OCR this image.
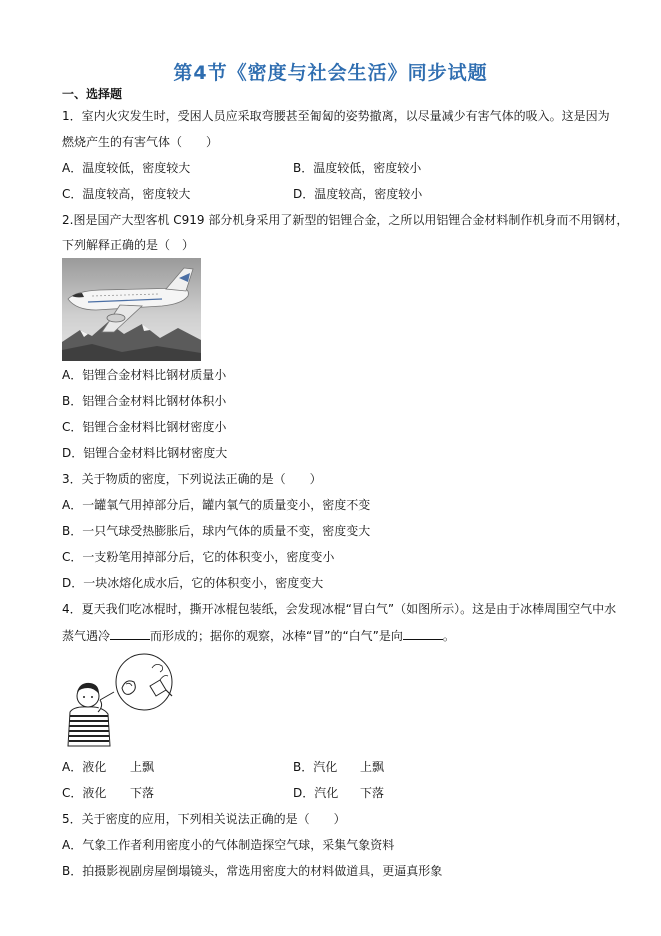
第4节《密度与社会生活》同步试题
一、选择题
1．室内火灾发生时，受困人员应采取弯腰甚至匍匐的姿势撤离，以尽量减少有害气体的吸入。这是因为
燃烧产生的有害气体（　　）
A．温度较低，密度较大	B．温度较低，密度较小
C．温度较高，密度较大	D．温度较高，密度较小
2.图是国产大型客机 C919 部分机身采用了新型的铝锂合金，之所以用铝锂合金材料制作机身而不用钢材，
下列解释正确的是（　）
A．铝锂合金材料比钢材质量小
B．铝锂合金材料比钢材体积小
C．铝锂合金材料比钢材密度小
D．铝锂合金材料比钢材密度大
3．关于物质的密度，下列说法正确的是（　　）
A．一罐氧气用掉部分后，罐内氧气的质量变小，密度不变
B．一只气球受热膨胀后，球内气体的质量不变，密度变大
C．一支粉笔用掉部分后，它的体积变小，密度变小
D．一块冰熔化成水后，它的体积变小，密度变大
4．夏天我们吃冰棍时，撕开冰棍包装纸，会发现冰棍“冒白气”（如图所示）。这是由于冰棒周围空气中水
蒸气遇冷	而形成的；据你的观察，冰棒“冒”的“白气”是向	。
A．液化 上飘	B．汽化 上飘
C．液化 下落	D．汽化 下落
5．关于密度的应用，下列相关说法正确的是（　　）
A．气象工作者利用密度小的气体制造探空气球，采集气象资料
B．拍摄影视剧房屋倒塌镜头，常选用密度大的材料做道具，更逼真形象
